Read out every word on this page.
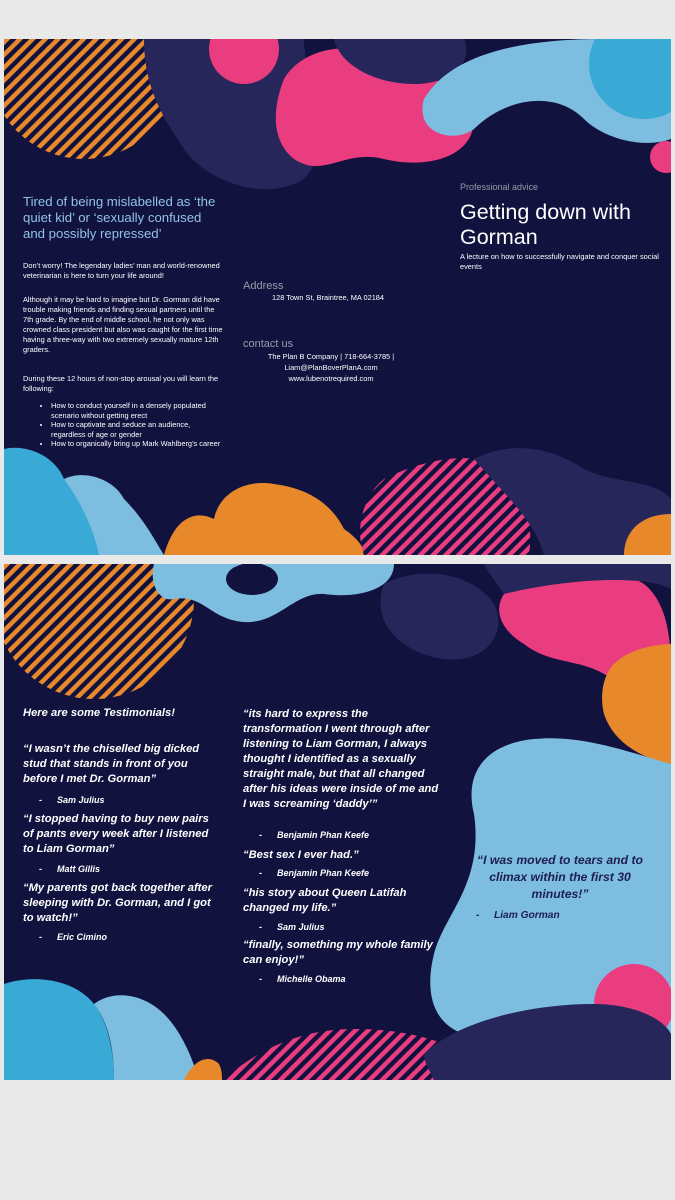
Tired of being mislabelled as ‘the quiet kid’ or ‘sexually confused and possibly repressed’

Don’t worry! The legendary ladies’ man and world-renowned veterinarian is here to turn your life around!

Although it may be hard to imagine but Dr. Gorman did have trouble making friends and finding sexual partners until the 7th grade. By the end of middle school, he not only was crowned class president but also was caught for the first time having a three-way with two extremely sexually mature 12th graders.

During these 12 hours of non-stop arousal you will learn the following:

• How to conduct yourself in a densely populated scenario without getting erect
• How to captivate and seduce an audience, regardless of age or gender
• How to organically bring up Mark Wahlberg’s career
Address
128 Town St, Braintree, MA 02184
contact us
The Plan B Company | 718-664-3785 |
Liam@PlanBoverPlanA.com
www.lubenotrequired.com
Professional advice
Getting down with Gorman

A lecture on how to successfully navigate and conquer social events

Here are some Testimonials!
“I wasn’t the chiselled big dicked stud that stands in front of you before I met Dr. Gorman”
- Sam Julius
“I stopped having to buy new pairs of pants every week after I listened to Liam Gorman”
- Matt Gillis
“My parents got back together after sleeping with Dr. Gorman, and I got to watch!”
- Eric Cimino
“its hard to express the transformation I went through after listening to Liam Gorman, I always thought I identified as a sexually straight male, but that all changed after his ideas were inside of me and I was screaming ‘daddy’”
- Benjamin Phan Keefe
“Best sex I ever had.”
- Benjamin Phan Keefe
“his story about Queen Latifah changed my life.”
- Sam Julius
“finally, something my whole family can enjoy!”
- Michelle Obama
“I was moved to tears and to climax within the first 30 minutes!”
- Liam Gorman
